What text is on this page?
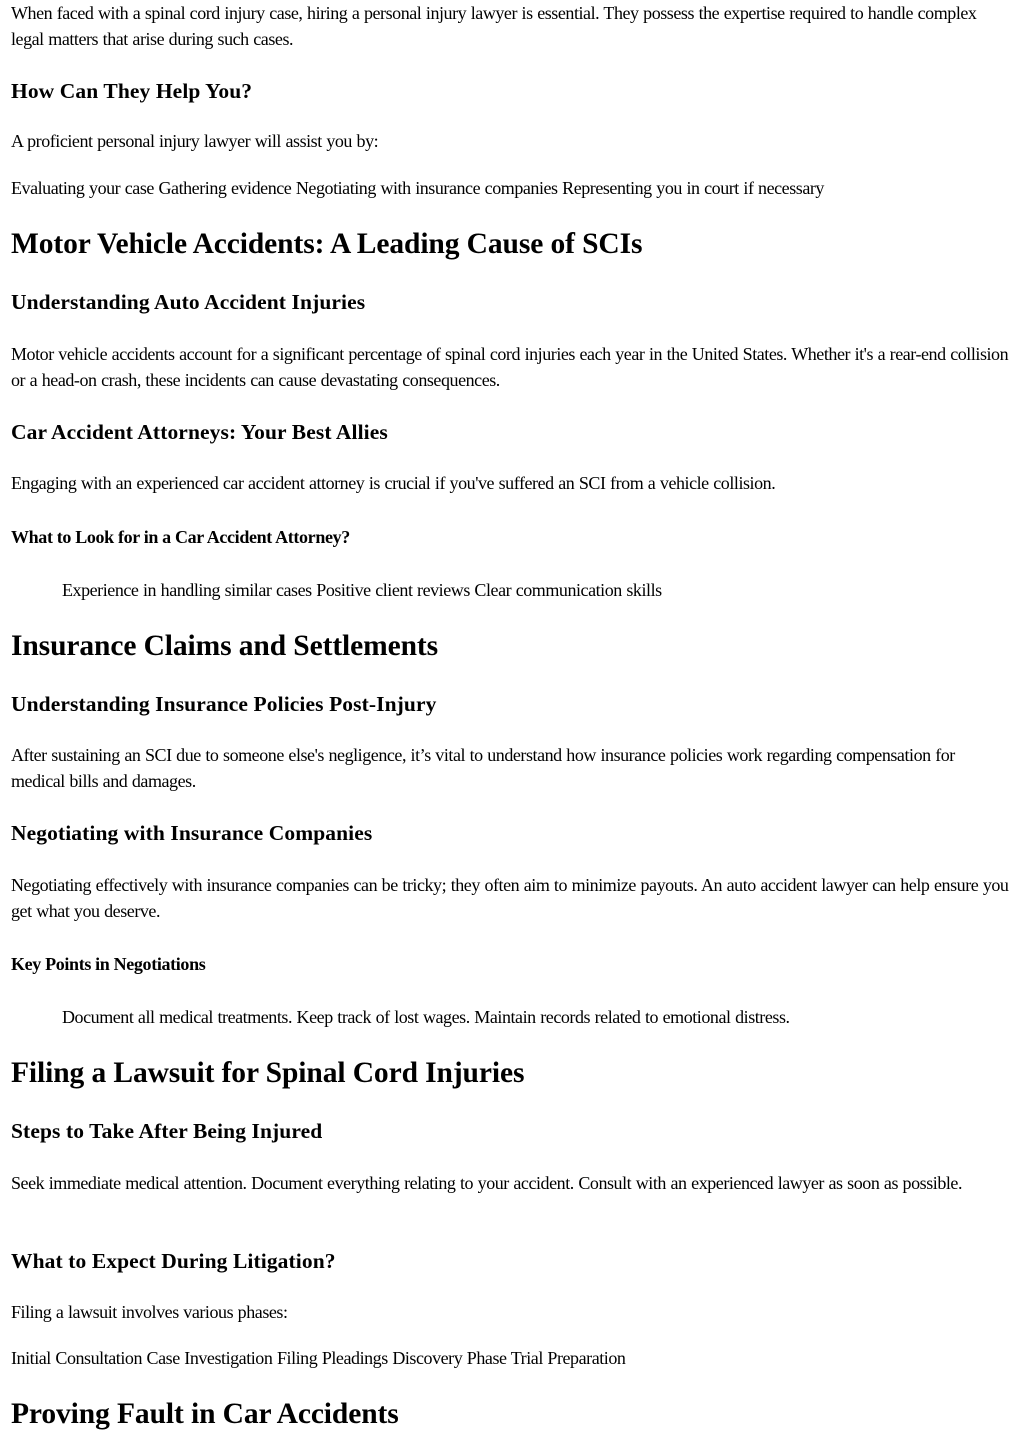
When faced with a spinal cord injury case, hiring a personal injury lawyer is essential. They possess the expertise required to handle complex legal matters that arise during such cases.

How Can They Help You?

A proficient personal injury lawyer will assist you by:

Evaluating your case Gathering evidence Negotiating with insurance companies Representing you in court if necessary

Motor Vehicle Accidents: A Leading Cause of SCIs
Understanding Auto Accident Injuries

Motor vehicle accidents account for a significant percentage of spinal cord injuries each year in the United States. Whether it's a rear-end collision or a head-on crash, these incidents can cause devastating consequences.

Car Accident Attorneys: Your Best Allies

Engaging with an experienced car accident attorney is crucial if you've suffered an SCI from a vehicle collision.

What to Look for in a Car Accident Attorney?

Experience in handling similar cases Positive client reviews Clear communication skills

Insurance Claims and Settlements
Understanding Insurance Policies Post-Injury

After sustaining an SCI due to someone else's negligence, it’s vital to understand how insurance policies work regarding compensation for medical bills and damages.

Negotiating with Insurance Companies

Negotiating effectively with insurance companies can be tricky; they often aim to minimize payouts. An auto accident lawyer can help ensure you get what you deserve.

Key Points in Negotiations

Document all medical treatments. Keep track of lost wages. Maintain records related to emotional distress.

Filing a Lawsuit for Spinal Cord Injuries
Steps to Take After Being Injured

Seek immediate medical attention. Document everything relating to your accident. Consult with an experienced lawyer as soon as possible.

What to Expect During Litigation?

Filing a lawsuit involves various phases:

Initial Consultation Case Investigation Filing Pleadings Discovery Phase Trial Preparation

Proving Fault in Car Accidents
